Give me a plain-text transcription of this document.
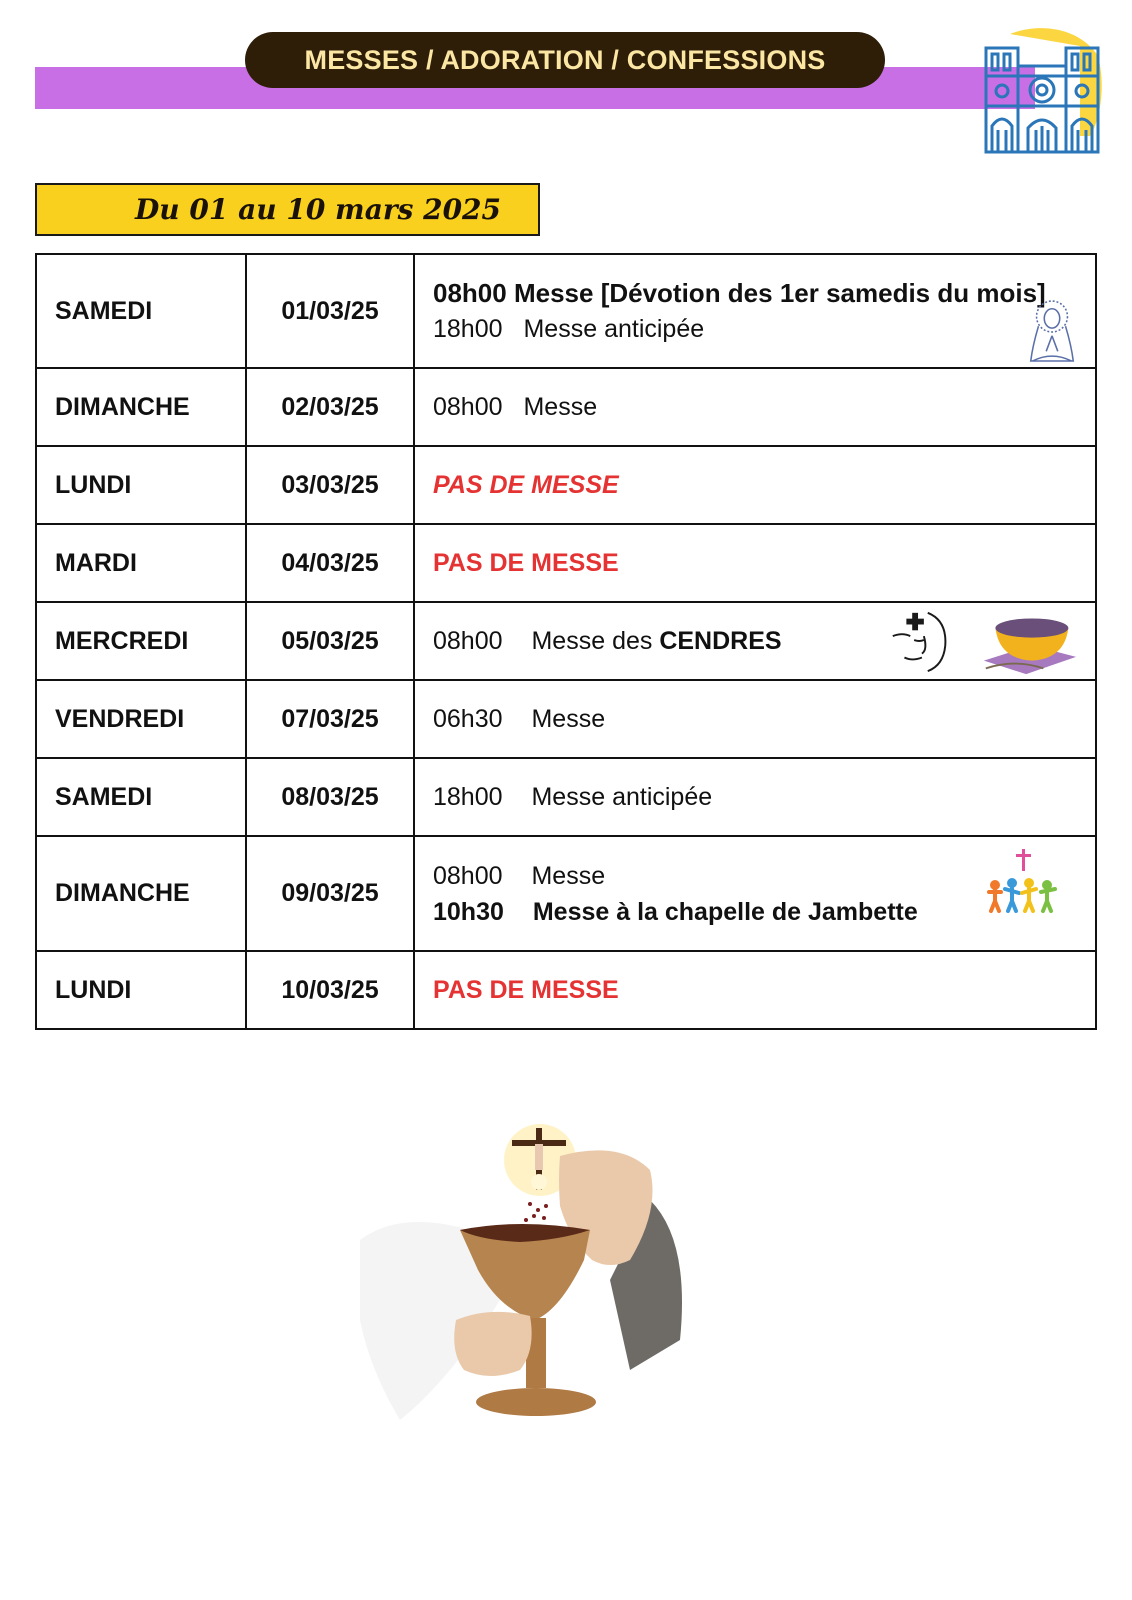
MESSES / ADORATION / CONFESSIONS
Du 01 au 10 mars 2025
SAMEDI	01/03/25	08h00 Messe [Dévotion des 1er samedis du mois]
18h00 Messe anticipée

DIMANCHE	02/03/25	08h00 Messe
LUNDI	03/03/25	PAS DE MESSE
MARDI	04/03/25	PAS DE MESSE
MERCREDI	05/03/25	08h00 Messe des CENDRES

VENDREDI	07/03/25	06h30 Messe
SAMEDI	08/03/25	18h00 Messe anticipée
DIMANCHE	09/03/25	08h00 Messe
10h30 Messe à la chapelle de Jambette

LUNDI	10/03/25	PAS DE MESSE
